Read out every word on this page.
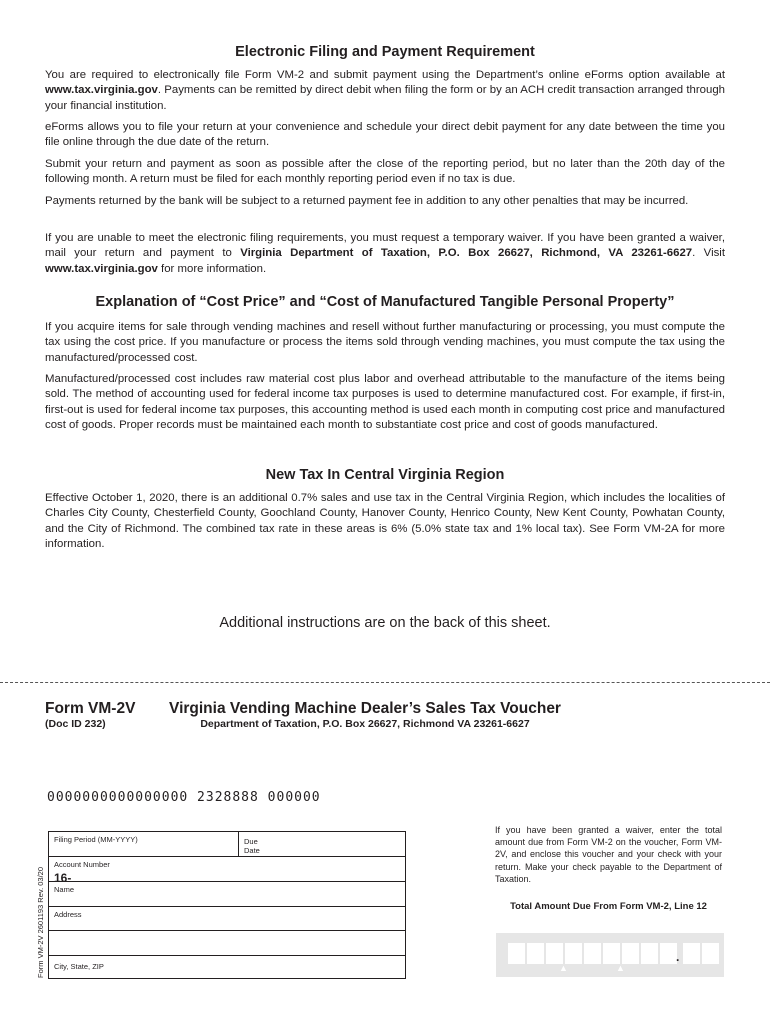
Electronic Filing and Payment Requirement

You are required to electronically file Form VM-2 and submit payment using the Department’s online eForms option available at www.tax.virginia.gov. Payments can be remitted by direct debit when filing the form or by an ACH credit transaction arranged through your financial institution.

eForms allows you to file your return at your convenience and schedule your direct debit payment for any date between the time you file online through the due date of the return.

Submit your return and payment as soon as possible after the close of the reporting period, but no later than the 20th day of the following month. A return must be filed for each monthly reporting period even if no tax is due.

Payments returned by the bank will be subject to a returned payment fee in addition to any other penalties that may be incurred.

If you are unable to meet the electronic filing requirements, you must request a temporary waiver. If you have been granted a waiver, mail your return and payment to Virginia Department of Taxation, P.O. Box 26627, Richmond, VA 23261-6627. Visit www.tax.virginia.gov for more information.

Explanation of “Cost Price” and “Cost of Manufactured Tangible Personal Property”

If you acquire items for sale through vending machines and resell without further manufacturing or processing, you must compute the tax using the cost price. If you manufacture or process the items sold through vending machines, you must compute the tax using the manufactured/processed cost.

Manufactured/processed cost includes raw material cost plus labor and overhead attributable to the manufacture of the items being sold. The method of accounting used for federal income tax purposes is used to determine manufactured cost. For example, if first-in, first-out is used for federal income tax purposes, this accounting method is used each month in computing cost price and manufactured cost of goods. Proper records must be maintained each month to substantiate cost price and cost of goods manufactured.

New Tax In Central Virginia Region

Effective October 1, 2020, there is an additional 0.7% sales and use tax in the Central Virginia Region, which includes the localities of Charles City County, Chesterfield County, Goochland County, Hanover County, Henrico County, New Kent County, Powhatan County, and the City of Richmond. The combined tax rate in these areas is 6% (5.0% state tax and 1% local tax). See Form VM-2A for more information.

Additional instructions are on the back of this sheet.

Form VM-2V
(Doc ID 232)
Virginia Vending Machine Dealer’s Sales Tax Voucher
Department of Taxation, P.O. Box 26627, Richmond VA 23261-6627
0000000000000000 2328888 000000
Form VM-2V 2601193 Rev. 03/20
Filing Period (MM-YYYY)	Due Date
Account Number
16-
Name
Address
City, State, ZIP

If you have been granted a waiver, enter the total amount due from Form VM-2 on the voucher, Form VM-2V, and enclose this voucher and your check with your return. Make your check payable to the Department of Taxation.

Total Amount Due From Form VM-2, Line 12
.
▲	▲
